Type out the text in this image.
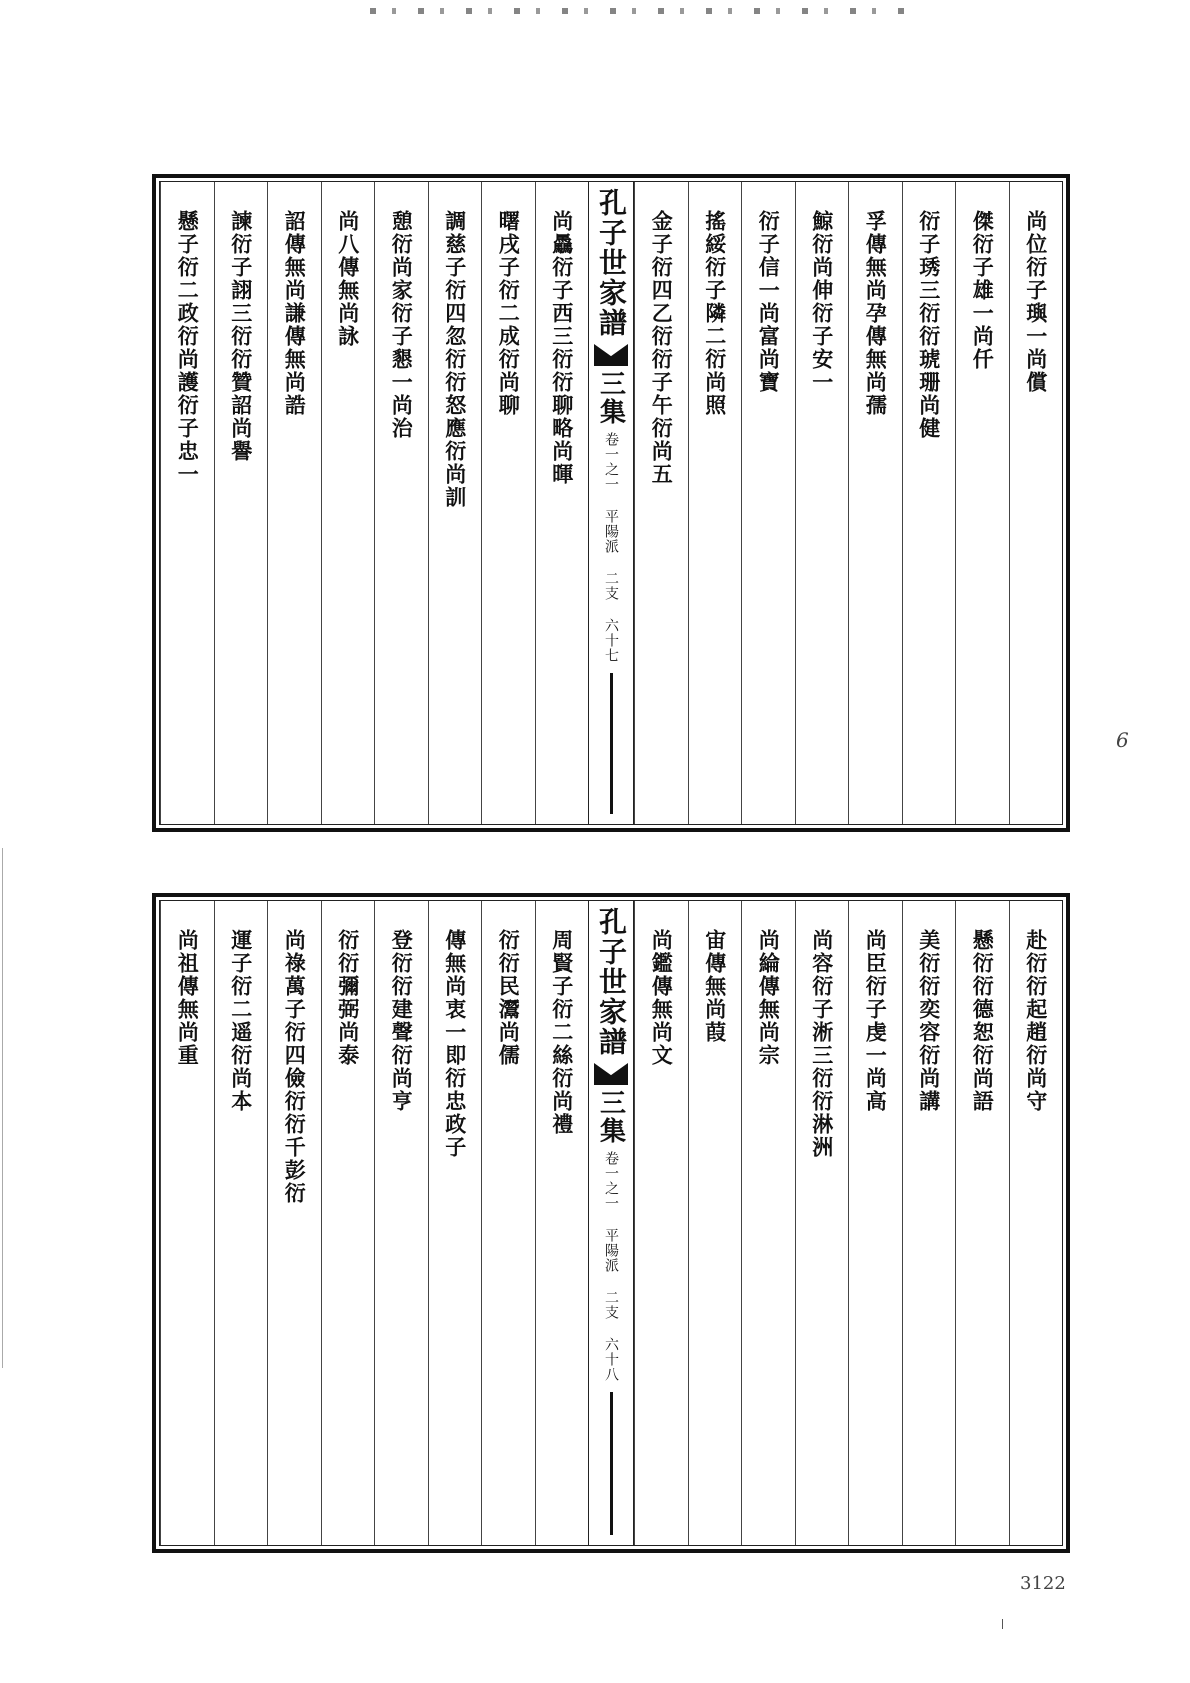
尚位衍子璵一尚償
傑衍子雄一尚仟
衍子琇三衍衍琥珊尚健
孚傳無尚孕傳無尚孺
鯨衍尚伸衍子安一
衍子信一尚富尚寶
搖綏衍子隣二衍尚照
金子衍四乙衍衍子午衍尚五
孔子世家譜
三集
卷一之一 平陽派 二支 六十七
尚驫衍子西三衍衍聊略尚暉
曙戌子衍二成衍尚聊
調慈子衍四忽衍衍怒應衍尚訓
憩衍尚家衍子懇一尚治
尚八傳無尚詠
詔傳無尚謙傳無尚誥
諫衍子詡三衍衍贊詔尚譽
懸子衍二政衍尚護衍子忠一
赴衍衍起趙衍尚守
懸衍衍德恕衍尚語
美衍衍奕容衍尚講
尚臣衍子虔一尚高
尚容衍子淅三衍衍淋洲
尚綸傳無尚宗
宙傳無尚葭
尚鑑傳無尚文
孔子世家譜
三集
卷一之一 平陽派 二支 六十八
周賢子衍二絲衍尚禮
衍衍民灊尚儒
傳無尚衷一即衍忠政子
登衍衍建聲衍尚亨
衍衍彌弼尚泰
尚祿萬子衍四儉衍衍千彭衍
運子衍二遥衍尚本
尚祖傳無尚重
6
3122
